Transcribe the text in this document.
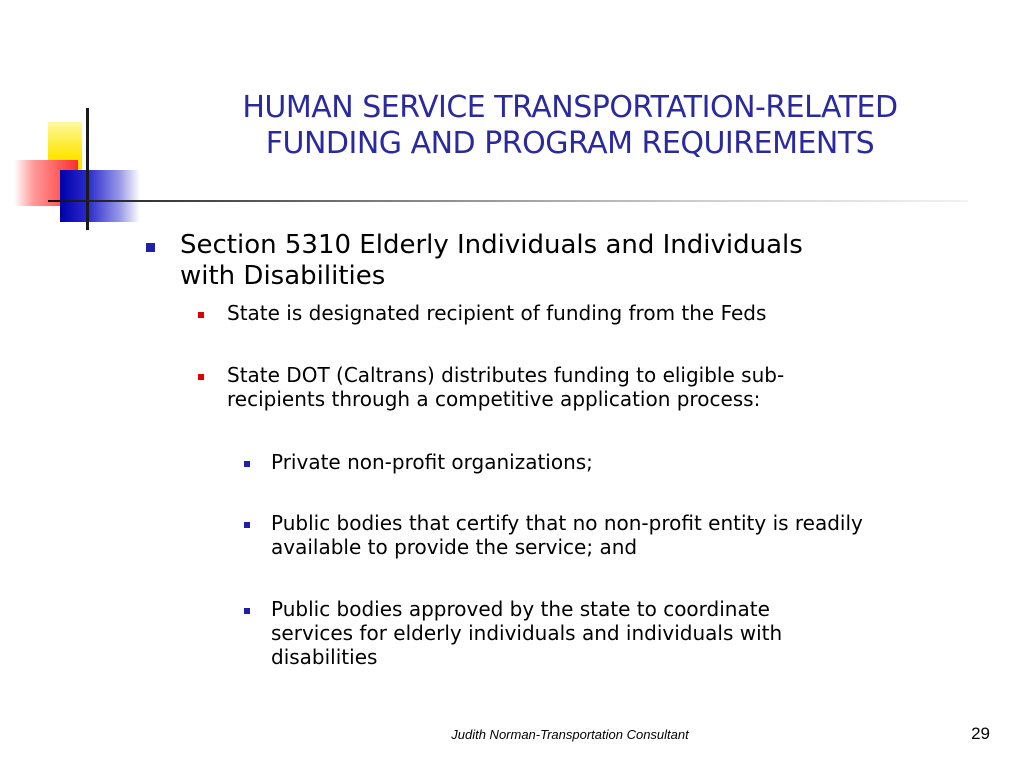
HUMAN SERVICE TRANSPORTATION-RELATED
FUNDING AND PROGRAM REQUIREMENTS
Section 5310 Elderly Individuals and Individuals
with Disabilities
State is designated recipient of funding from the Feds
State DOT (Caltrans) distributes funding to eligible sub-
recipients through a competitive application process:
Private non-profit organizations;
Public bodies that certify that no non-profit entity is readily
available to provide the service; and
Public bodies approved by the state to coordinate
services for elderly individuals and individuals with
disabilities
Judith Norman-Transportation Consultant	29
